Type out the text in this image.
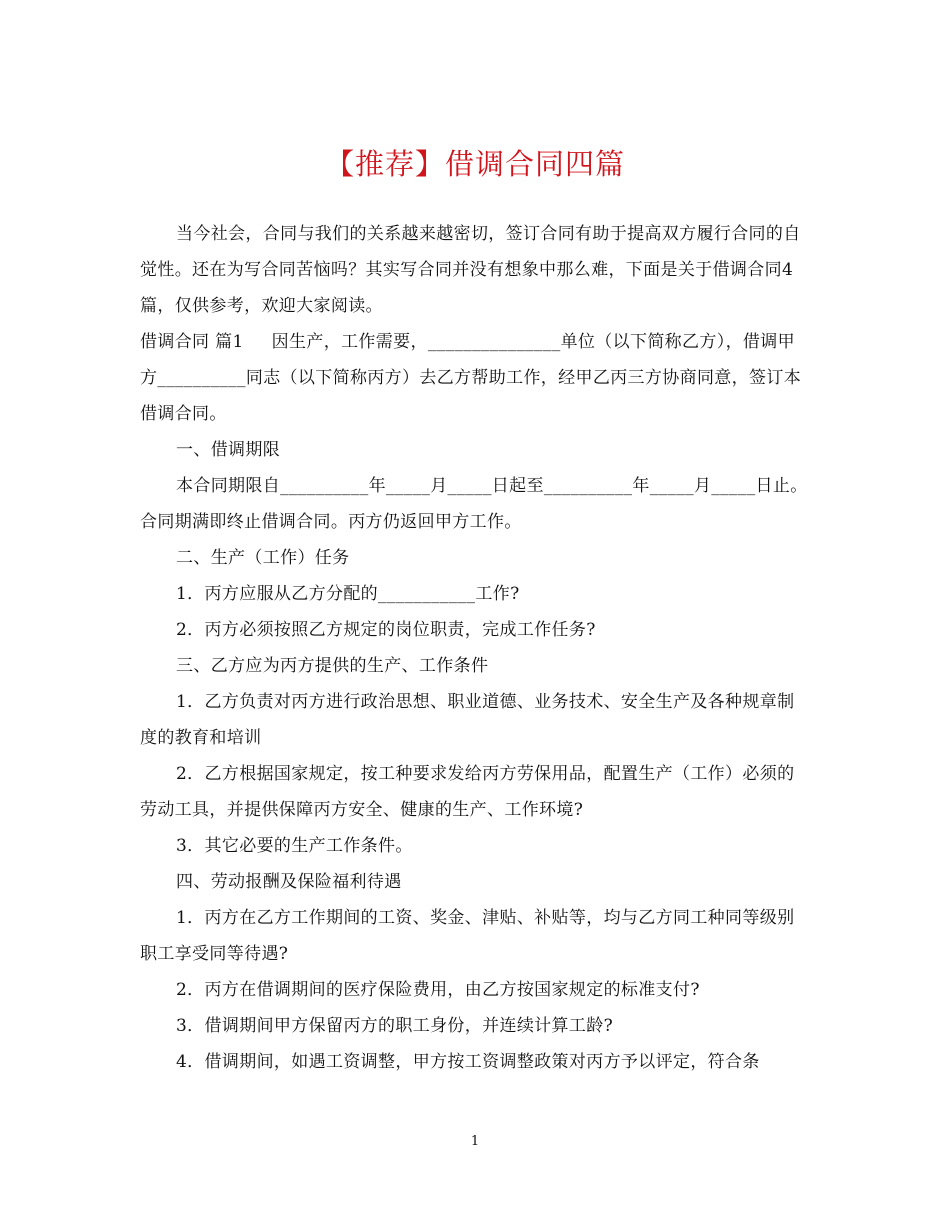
【推荐】借调合同四篇

当今社会，合同与我们的关系越来越密切，签订合同有助于提高双方履行合同的自觉性。还在为写合同苦恼吗？其实写合同并没有想象中那么难，下面是关于借调合同4篇，仅供参考，欢迎大家阅读。

借调合同 篇1 因生产，工作需要，_______________单位（以下简称乙方），借调甲方__________同志（以下简称丙方）去乙方帮助工作，经甲乙丙三方协商同意，签订本借调合同。

一、借调期限

本合同期限自__________年_____月_____日起至__________年_____月_____日止。合同期满即终止借调合同。丙方仍返回甲方工作。

二、生产（工作）任务

1．丙方应服从乙方分配的___________工作?

2．丙方必须按照乙方规定的岗位职责，完成工作任务?

三、乙方应为丙方提供的生产、工作条件

1．乙方负责对丙方进行政治思想、职业道德、业务技术、安全生产及各种规章制度的教育和培训

2．乙方根据国家规定，按工种要求发给丙方劳保用品，配置生产（工作）必须的劳动工具，并提供保障丙方安全、健康的生产、工作环境?

3．其它必要的生产工作条件。

四、劳动报酬及保险福利待遇

1．丙方在乙方工作期间的工资、奖金、津贴、补贴等，均与乙方同工种同等级别职工享受同等待遇?

2．丙方在借调期间的医疗保险费用，由乙方按国家规定的标准支付?

3．借调期间甲方保留丙方的职工身份，并连续计算工龄?

4．借调期间，如遇工资调整，甲方按工资调整政策对丙方予以评定，符合条

1
